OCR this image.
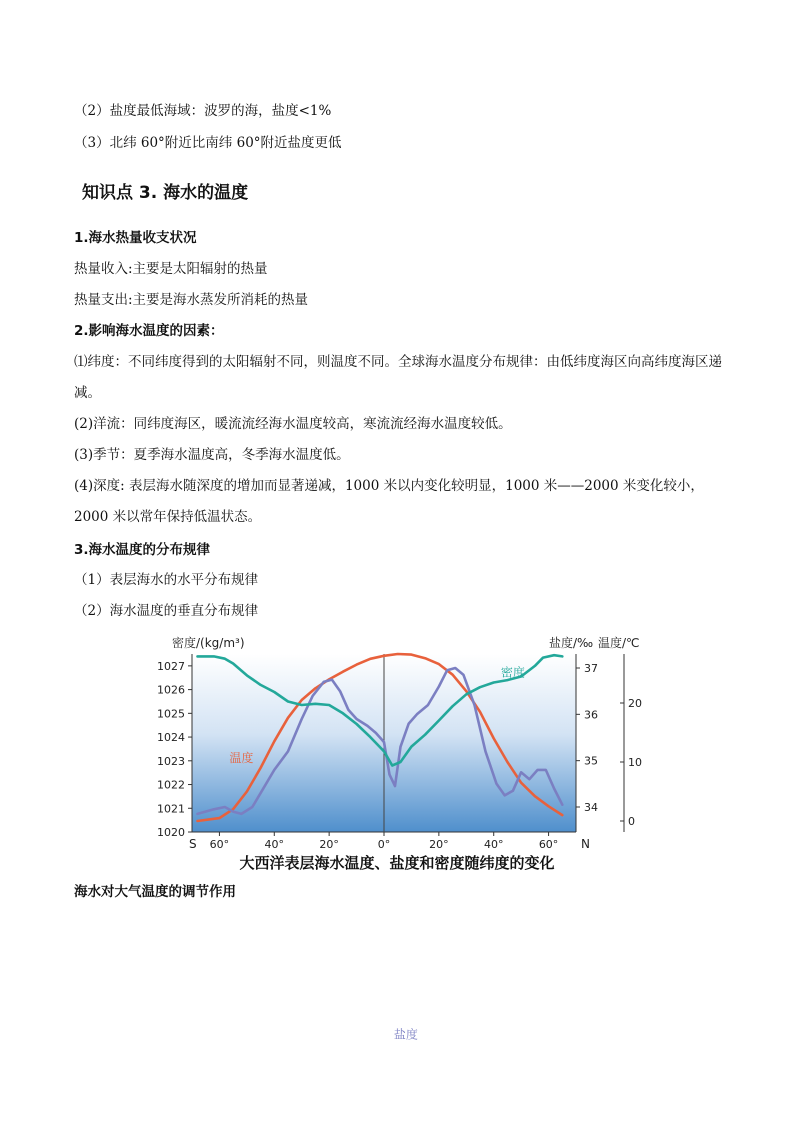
（2）盐度最低海域：波罗的海，盐度<1%
（3）北纬 60°附近比南纬 60°附近盐度更低
知识点 3. 海水的温度
1.海水热量收支状况
热量收入:主要是太阳辐射的热量
热量支出:主要是海水蒸发所消耗的热量
2.影响海水温度的因素：
⑴纬度：不同纬度得到的太阳辐射不同，则温度不同。全球海水温度分布规律：由低纬度海区向高纬度海区递减。
(2)洋流：同纬度海区，暖流流经海水温度较高，寒流流经海水温度较低。
(3)季节：夏季海水温度高，冬季海水温度低。
(4)深度: 表层海水随深度的增加而显著递减，1000 米以内变化较明显，1000 米——2000 米变化较小，2000 米以常年保持低温状态。
3.海水温度的分布规律
（1）表层海水的水平分布规律
（2）海水温度的垂直分布规律
1020
1021
1022
1023
1024
1025
1026
1027
34
35
36
37
0
10
20
60°	40°	20°	0°	20°	40°	60°
温度
盐度
密度
密度/(kg/m³)	盐度/‰ 温度/℃
S	N
大西洋表层海水温度、盐度和密度随纬度的变化
海水对大气温度的调节作用
